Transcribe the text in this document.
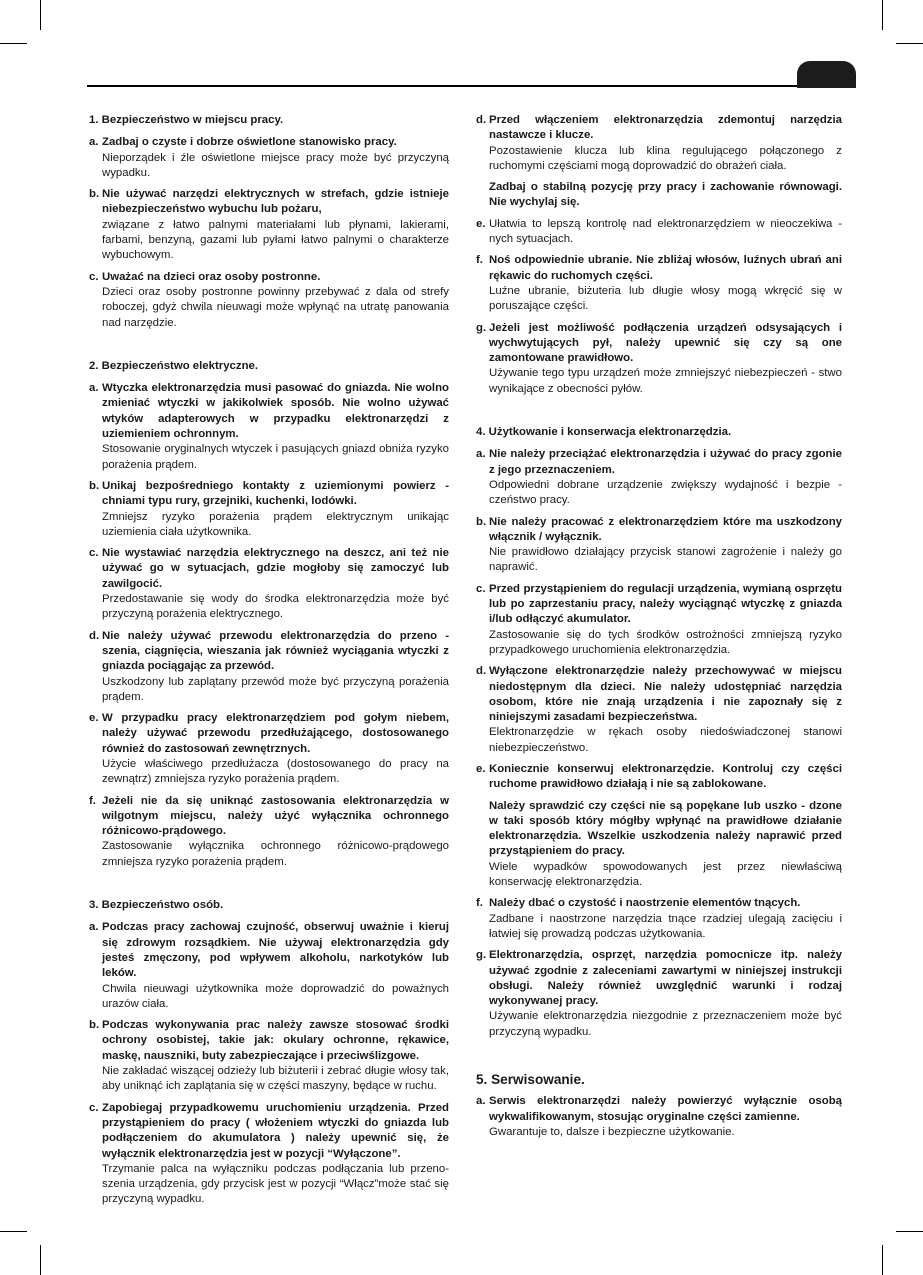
1. Bezpieczeństwo w miejscu pracy.
a. Zadbaj o czyste i dobrze oświetlone stanowisko pracy.
Nieporządek i źle oświetlone miejsce pracy może być przyczyną wypadku.
b. Nie używać narzędzi elektrycznych w strefach, gdzie istnieje niebezpieczeństwo wybuchu lub pożaru,
związane z łatwo palnymi materiałami lub płynami, lakierami, farbami, benzyną, gazami lub pyłami łatwo palnymi o charakterze wybuchowym.
c. Uważać na dzieci oraz osoby postronne.
Dzieci oraz osoby postronne powinny przebywać z dala od strefy roboczej, gdyż chwila nieuwagi może wpłynąć na utratę panowania nad narzędzie.
2. Bezpieczeństwo elektryczne.
a. Wtyczka elektronarzędzia musi pasować do gniazda. Nie wolno zmieniać wtyczki w jakikolwiek sposób. Nie wolno używać wtyków adapterowych w przypadku elektronarzędzi z uziemieniem ochronnym.
Stosowanie oryginalnych wtyczek i pasujących gniazd obniża ryzyko porażenia prądem.
b. Unikaj bezpośredniego kontakty z uziemionymi powierz - chniami typu rury, grzejniki, kuchenki, lodówki.
Zmniejsz ryzyko porażenia prądem elektrycznym unikając uziemienia ciała użytkownika.
c. Nie wystawiać narzędzia elektrycznego na deszcz, ani też nie używać go w sytuacjach, gdzie mogłoby się zamoczyć lub zawilgocić.
Przedostawanie się wody do środka elektronarzędzia może być przyczyną porażenia elektrycznego.
d. Nie należy używać przewodu elektronarzędzia do przeno - szenia, ciągnięcia, wieszania jak również wyciągania wtyczki z gniazda pociągając za przewód.
Uszkodzony lub zaplątany przewód może być przyczyną porażenia prądem.
e. W przypadku pracy elektronarzędziem pod gołym niebem, należy używać przewodu przedłużającego, dostosowanego również do zastosowań zewnętrznych.
Użycie właściwego przedłużacza (dostosowanego do pracy na zewnątrz) zmniejsza ryzyko porażenia prądem.
f. Jeżeli nie da się uniknąć zastosowania elektronarzędzia w wilgotnym miejscu, należy użyć wyłącznika ochronnego różnicowo-prądowego.
Zastosowanie wyłącznika ochronnego różnicowo-prądowego zmniejsza ryzyko porażenia prądem.
3. Bezpieczeństwo osób.
a. Podczas pracy zachowaj czujność, obserwuj uważnie i kieruj się zdrowym rozsądkiem. Nie używaj elektronarzędzia gdy jesteś zmęczony, pod wpływem alkoholu, narkotyków lub leków.
Chwila nieuwagi użytkownika może doprowadzić do poważnych urazów ciała.
b. Podczas wykonywania prac należy zawsze stosować środki ochrony osobistej, takie jak: okulary ochronne, rękawice, maskę, nauszniki, buty zabezpieczające i przeciwślizgowe.
Nie zakładać wiszącej odzieży lub biżuterii i zebrać długie włosy tak, aby uniknąć ich zaplątania się w części maszyny, będące w ruchu.
c. Zapobiegaj przypadkowemu uruchomieniu urządzenia. Przed przystąpieniem do pracy ( włożeniem wtyczki do gniazda lub podłączeniem do akumulatora ) należy upewnić się, że wyłącznik elektronarzędzia jest w pozycji “Wyłączone”.
Trzymanie palca na wyłączniku podczas podłączania lub przeno-szenia urządzenia, gdy przycisk jest w pozycji “Włącz”może stać się przyczyną wypadku.
d. Przed włączeniem elektronarzędzia zdemontuj narzędzia nastawcze i klucze.
Pozostawienie klucza lub klina regulującego połączonego z ruchomymi częściami mogą doprowadzić do obrażeń ciała.
Zadbaj o stabilną pozycję przy pracy i zachowanie równowagi. Nie wychylaj się.
e. Ułatwia to lepszą kontrolę nad elektronarzędziem w nieoczekiwa - nych sytuacjach.
f. Noś odpowiednie ubranie. Nie zbliżaj włosów, luźnych ubrań ani rękawic do ruchomych części.
Luźne ubranie, biżuteria lub długie włosy mogą wkręcić się w poruszające części.
g. Jeżeli jest możliwość podłączenia urządzeń odsysających i wychwytujących pył, należy upewnić się czy są one zamontowane prawidłowo.
Używanie tego typu urządzeń może zmniejszyć niebezpieczeń - stwo wynikające z obecności pyłów.
4. Użytkowanie i konserwacja elektronarzędzia.
a. Nie należy przeciążać elektronarzędzia i używać do pracy zgonie z jego przeznaczeniem.
Odpowiedni dobrane urządzenie zwiększy wydajność i bezpie - czeństwo pracy.
b. Nie należy pracować z elektronarzędziem które ma uszkodzony włącznik / wyłącznik.
Nie prawidłowo działający przycisk stanowi zagrożenie i należy go naprawić.
c. Przed przystąpieniem do regulacji urządzenia, wymianą osprzętu lub po zaprzestaniu pracy, należy wyciągnąć wtyczkę z gniazda i/lub odłączyć akumulator.
Zastosowanie się do tych środków ostrożności zmniejszą ryzyko przypadkowego uruchomienia elektronarzędzia.
d. Wyłączone elektronarzędzie należy przechowywać w miejscu niedostępnym dla dzieci. Nie należy udostępniać narzędzia osobom, które nie znają urządzenia i nie zapoznały się z niniejszymi zasadami bezpieczeństwa.
Elektronarzędzie w rękach osoby niedoświadczonej stanowi niebezpieczeństwo.
e. Koniecznie konserwuj elektronarzędzie. Kontroluj czy części ruchome prawidłowo działają i nie są zablokowane.
Należy sprawdzić czy części nie są popękane lub uszko - dzone w taki sposób który mógłby wpłynąć na prawidłowe działanie elektronarzędzia. Wszelkie uszkodzenia należy naprawić przed przystąpieniem do pracy.
Wiele wypadków spowodowanych jest przez niewłaściwą konserwację elektronarzędzia.
f. Należy dbać o czystość i naostrzenie elementów tnących.
Zadbane i naostrzone narzędzia tnące rzadziej ulegają zacięciu i łatwiej się prowadzą podczas użytkowania.
g. Elektronarzędzia, osprzęt, narzędzia pomocnicze itp. należy używać zgodnie z zaleceniami zawartymi w niniejszej instrukcji obsługi. Należy również uwzględnić warunki i rodzaj wykonywanej pracy.
Używanie elektronarzędzia niezgodnie z przeznaczeniem może być przyczyną wypadku.
5. Serwisowanie.
a. Serwis elektronarzędzi należy powierzyć wyłącznie osobą wykwalifikowanym, stosując oryginalne części zamienne.
Gwarantuje to, dalsze i bezpieczne użytkowanie.
